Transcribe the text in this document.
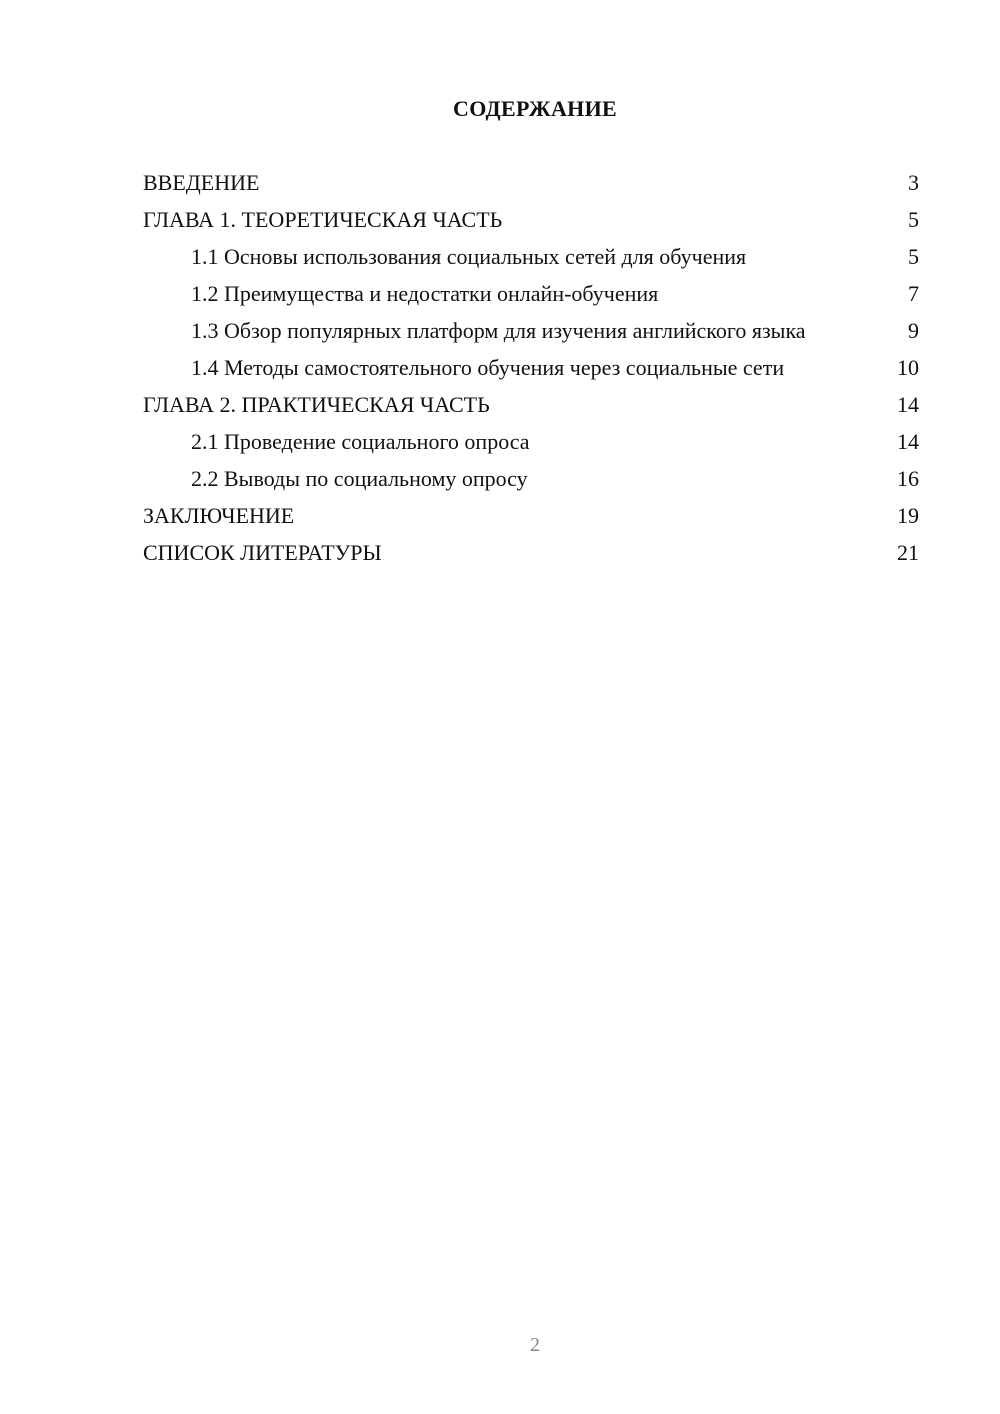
СОДЕРЖАНИЕ
ВВЕДЕНИЕ	3
ГЛАВА 1. ТЕОРЕТИЧЕСКАЯ ЧАСТЬ	5
1.1 Основы использования социальных сетей для обучения	5
1.2 Преимущества и недостатки онлайн-обучения	7
1.3 Обзор популярных платформ для изучения английского языка	9
1.4 Методы самостоятельного обучения через социальные сети	10
ГЛАВА 2. ПРАКТИЧЕСКАЯ ЧАСТЬ	14
2.1 Проведение социального опроса	14
2.2 Выводы по социальному опросу	16
ЗАКЛЮЧЕНИЕ	19
СПИСОК ЛИТЕРАТУРЫ	21
2
